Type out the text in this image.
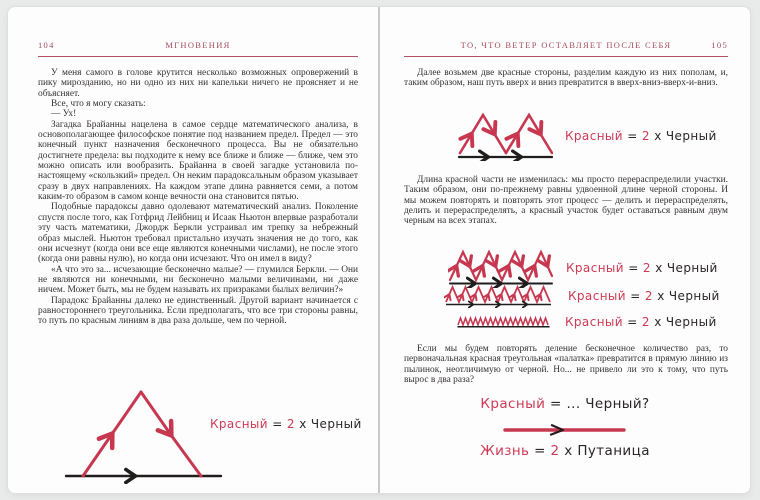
104	МГНОВЕНИЯ

У меня самого в голове крутится несколько возможных опровержений в пику мирозданию, но ни одно из них ни капельки ничего не проясняет и не объясняет.

Все, что я могу сказать:

— Ух!

Загадка Брайанны нацелена в самое сердце математического анализа, в основополагающее философское понятие под названием предел. Предел — это конечный пункт назначения бесконечного процесса. Вы не обязательно достигнете предела: вы подходите к нему все ближе и ближе — ближе, чем это можно описать или вообразить. Брайанна в своей загадке установила по-настоящему «скользкий» предел. Он неким парадоксальным образом указывает сразу в двух направлениях. На каждом этапе длина равняется семи, а потом каким-то образом в самом конце вечности она становится пятью.

Подобные парадоксы давно одолевают математический анализ. Поколение спустя после того, как Готфрид Лейбниц и Исаак Ньютон впервые разработали эту часть математики, Джордж Беркли устраивал им трепку за небрежный образ мыслей. Ньютон требовал пристально изучать значения не до того, как они исчезнут (когда они все еще являются конечными числами), не после этого (когда они равны нулю), но когда они исчезают. Что он имел в виду?

«А что это за... исчезающие бесконечно малые? — глумился Беркли. — Они не являются ни конечными, ни бесконечно малыми величинами, ни даже ничем. Может быть, мы не будем называть их призраками былых величин?»

Парадокс Брайанны далеко не единственный. Другой вариант начинается с равностороннего треугольника. Если предполагать, что все три стороны равны, то путь по красным линиям в два раза дольше, чем по черной.

Красный = 2 x Черный
ТО, ЧТО ВЕТЕР ОСТАВЛЯЕТ ПОСЛЕ СЕБЯ	105

Далее возьмем две красные стороны, разделим каждую из них пополам, и, таким образом, наш путь вверх и вниз превратится в вверх-вниз-вверх-и-вниз.

Красный = 2 х Черный

Длина красной части не изменилась: мы просто перераспределили участки. Таким образом, они по-прежнему равны удвоенной длине черной стороны. И мы можем повторять и повторять этот процесс — делить и перераспределять, делить и перераспределять, а красный участок будет оставаться равным двум черным на всех этапах.

Красный = 2 х Черный
Красный = 2 х Черный
Красный = 2 х Черный

Если мы будем повторять деление бесконечное количество раз, то первоначальная красная треугольная «палатка» превратится в прямую линию из пылинок, неотличимую от черной. Но... не привело ли это к тому, что путь вырос в два раза?

Красный = ... Черный?
Жизнь = 2 х Путаница
